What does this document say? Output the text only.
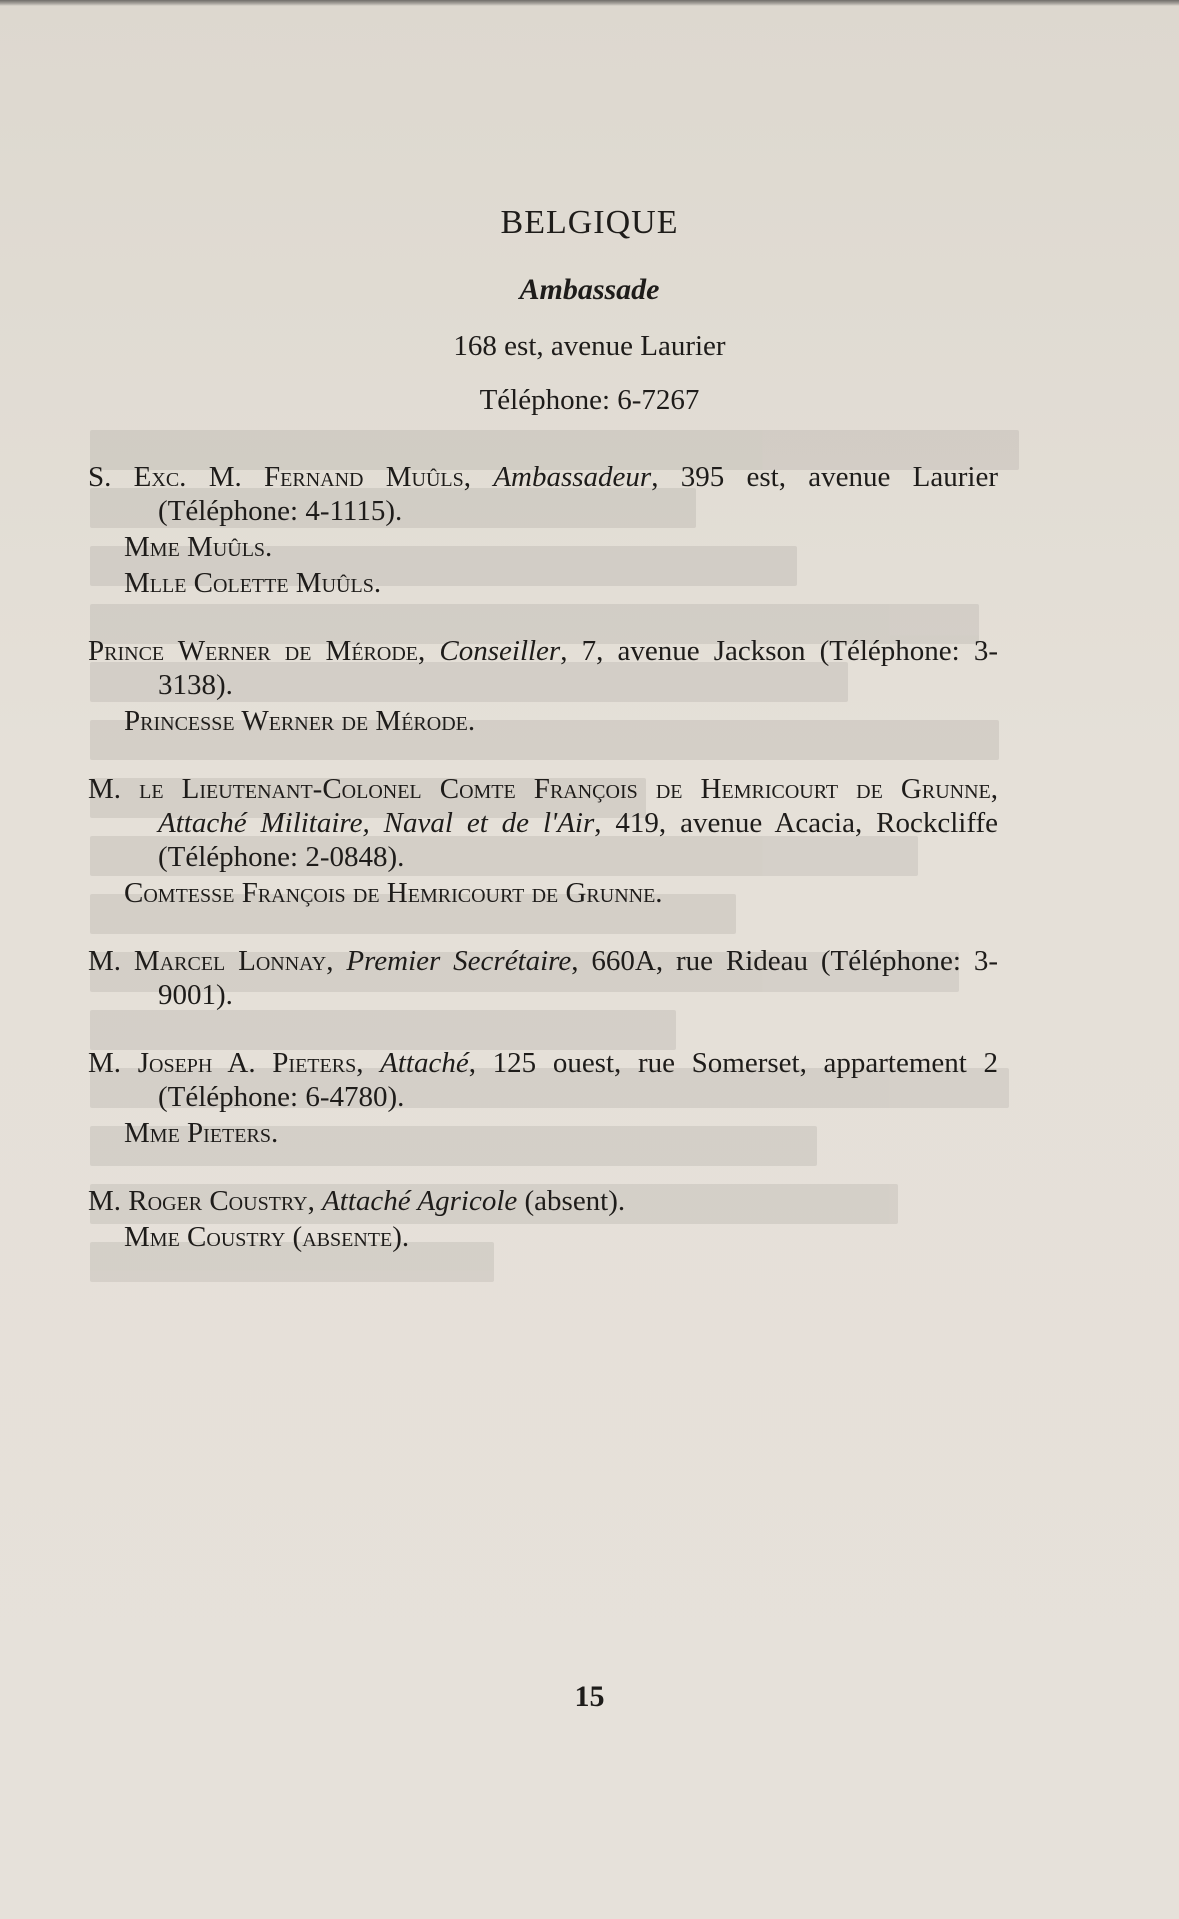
BELGIQUE
Ambassade
168 est, avenue Laurier
Téléphone: 6-7267
S. Exc. M. Fernand Muûls, Ambassadeur, 395 est, avenue Laurier (Téléphone: 4-1115).
Mme Muûls.
Mlle Colette Muûls.
Prince Werner de Mérode, Conseiller, 7, avenue Jackson (Téléphone: 3-3138).
Princesse Werner de Mérode.
M. le Lieutenant-Colonel Comte François de Hemricourt de Grunne, Attaché Militaire, Naval et de l'Air, 419, avenue Acacia, Rockcliffe (Téléphone: 2-0848).
Comtesse François de Hemricourt de Grunne.
M. Marcel Lonnay, Premier Secrétaire, 660A, rue Rideau (Téléphone: 3-9001).
M. Joseph A. Pieters, Attaché, 125 ouest, rue Somerset, appartement 2 (Téléphone: 6-4780).
Mme Pieters.
M. Roger Coustry, Attaché Agricole (absent).
Mme Coustry (absente).
15
